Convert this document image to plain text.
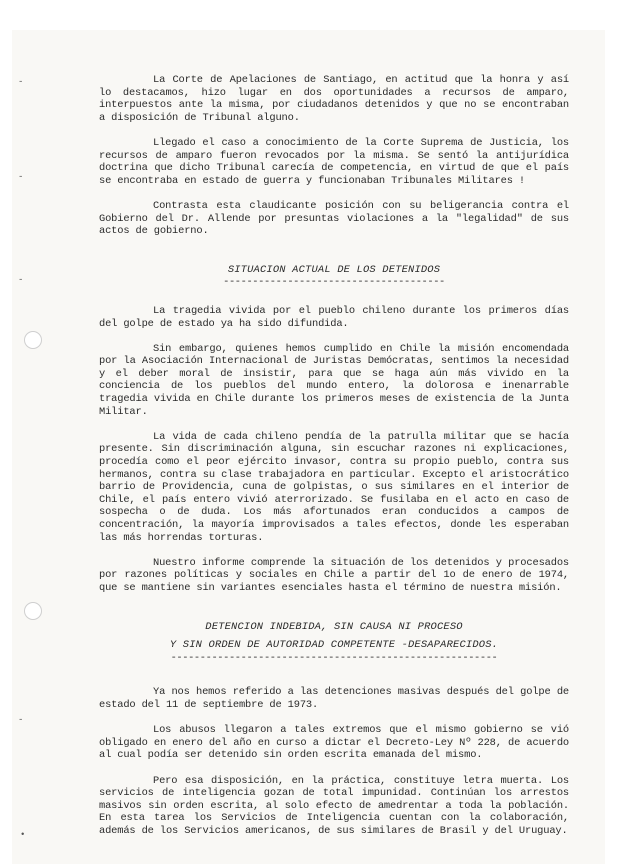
-
-
-
-
•

La Corte de Apelaciones de Santiago, en actitud que la honra y así lo destacamos, hizo lugar en dos oportunidades a recursos de amparo, interpuestos ante la misma, por ciudadanos detenidos y que no se encontraban a disposición de Tribunal alguno.

Llegado el caso a conocimiento de la Corte Suprema de Justicia, los recursos de amparo fueron revocados por la misma. Se sentó la antijurídica doctrina que dicho Tribunal carecía de competencia, en virtud de que el país se encontraba en estado de guerra y funcionaban Tribunales Militares !

Contrasta esta claudicante posición con su beligerancia contra el Gobierno del Dr. Allende por presuntas violaciones a la "legalidad" de sus actos de gobierno.

SITUACION ACTUAL DE LOS DETENIDOS
--------------------------------------

La tragedia vivida por el pueblo chileno durante los primeros días del golpe de estado ya ha sido difundida.

Sin embargo, quienes hemos cumplido en Chile la misión encomendada por la Asociación Internacional de Juristas Demócratas, sentimos la necesidad y el deber moral de insistir, para que se haga aún más vivido en la conciencia de los pueblos del mundo entero, la dolorosa e inenarrable tragedia vivida en Chile durante los primeros meses de existencia de la Junta Militar.

La vida de cada chileno pendía de la patrulla militar que se hacía presente. Sin discriminación alguna, sin escuchar razones ni explicaciones, procedía como el peor ejército invasor, contra su propio pueblo, contra sus hermanos, contra su clase trabajadora en particular. Excepto el aristocrático barrio de Providencia, cuna de golpistas, o sus similares en el interior de Chile, el país entero vivió aterrorizado. Se fusilaba en el acto en caso de sospecha o de duda. Los más afortunados eran conducidos a campos de concentración, la mayoría improvisados a tales efectos, donde les esperaban las más horrendas torturas.

Nuestro informe comprende la situación de los detenidos y procesados por razones políticas y sociales en Chile a partir del 1o de enero de 1974, que se mantiene sin variantes esenciales hasta el término de nuestra misión.

DETENCION INDEBIDA, SIN CAUSA NI PROCESO
Y SIN ORDEN DE AUTORIDAD COMPETENTE -DESAPARECIDOS.
--------------------------------------------------------

Ya nos hemos referido a las detenciones masivas después del golpe de estado del 11 de septiembre de 1973.

Los abusos llegaron a tales extremos que el mismo gobierno se vió obligado en enero del año en curso a dictar el Decreto-Ley Nº 228, de acuerdo al cual podía ser detenido sin orden escrita emanada del mismo.

Pero esa disposición, en la práctica, constituye letra muerta. Los servicios de inteligencia gozan de total impunidad. Continúan los arrestos masivos sin orden escrita, al solo efecto de amedrentar a toda la población. En esta tarea los Servicios de Inteligencia cuentan con la colaboración, además de los Servicios americanos, de sus similares de Brasil y del Uruguay.
